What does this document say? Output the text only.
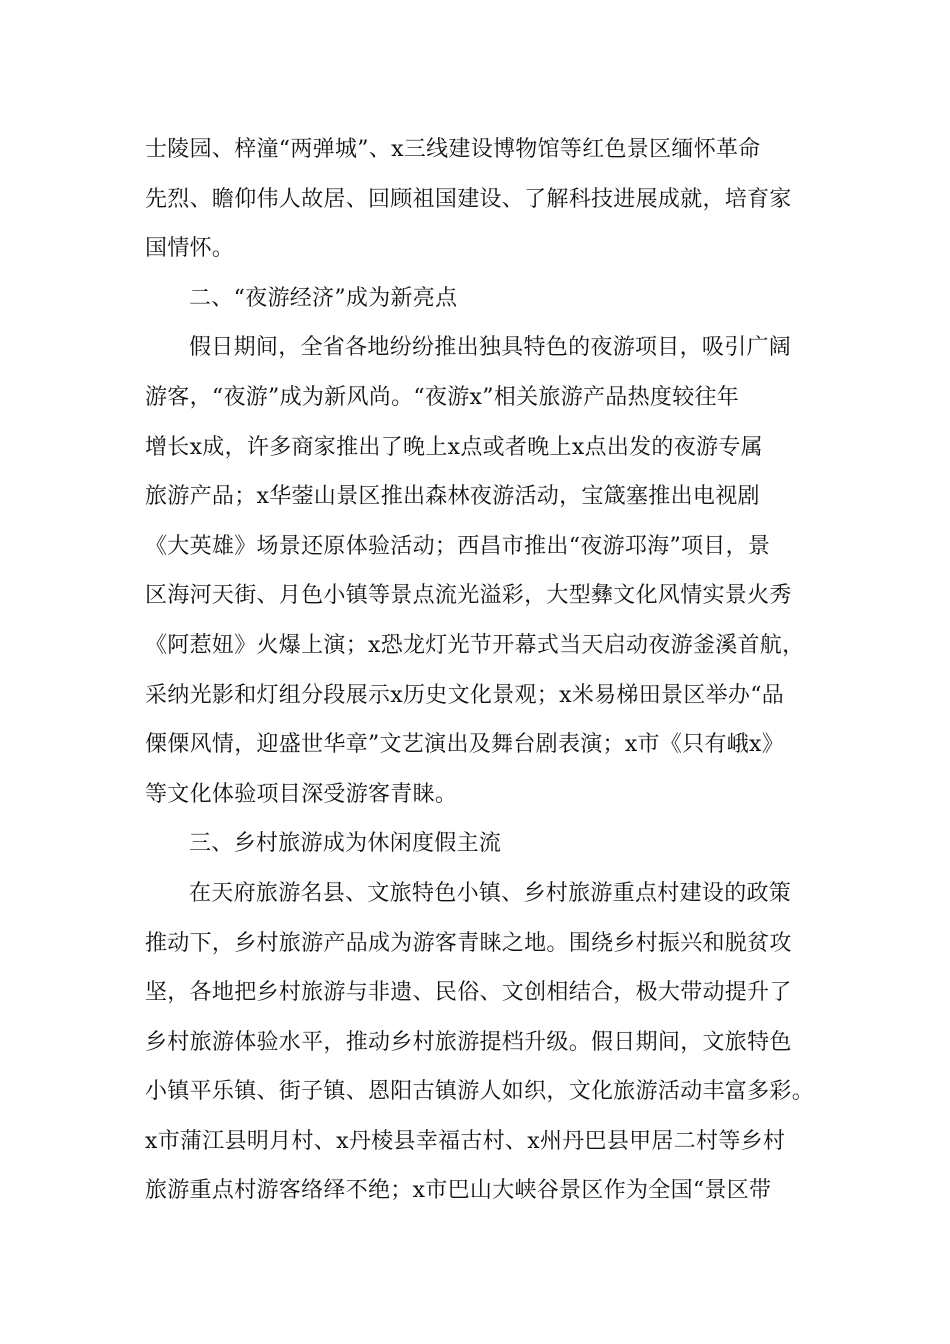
士陵园、梓潼“两弹城”、x三线建设博物馆等红色景区缅怀革命
先烈、瞻仰伟人故居、回顾祖国建设、了解科技进展成就，培育家
国情怀。
二、“夜游经济”成为新亮点
假日期间，全省各地纷纷推出独具特色的夜游项目，吸引广阔
游客，“夜游”成为新风尚。“夜游x”相关旅游产品热度较往年
增长x成，许多商家推出了晚上x点或者晚上x点出发的夜游专属
旅游产品；x华蓥山景区推出森林夜游活动，宝箴塞推出电视剧
《大英雄》场景还原体验活动；西昌市推出“夜游邛海”项目，景
区海河天街、月色小镇等景点流光溢彩，大型彝文化风情实景火秀
《阿惹妞》火爆上演；x恐龙灯光节开幕式当天启动夜游釜溪首航，
采纳光影和灯组分段展示x历史文化景观；x米易梯田景区举办“品
傈傈风情，迎盛世华章”文艺演出及舞台剧表演；x市《只有峨x》
等文化体验项目深受游客青睐。
三、乡村旅游成为休闲度假主流
在天府旅游名县、文旅特色小镇、乡村旅游重点村建设的政策
推动下，乡村旅游产品成为游客青睐之地。围绕乡村振兴和脱贫攻
坚，各地把乡村旅游与非遗、民俗、文创相结合，极大带动提升了
乡村旅游体验水平，推动乡村旅游提档升级。假日期间，文旅特色
小镇平乐镇、街子镇、恩阳古镇游人如织，文化旅游活动丰富多彩。
x市蒲江县明月村、x丹棱县幸福古村、x州丹巴县甲居二村等乡村
旅游重点村游客络绎不绝；x市巴山大峡谷景区作为全国“景区带
